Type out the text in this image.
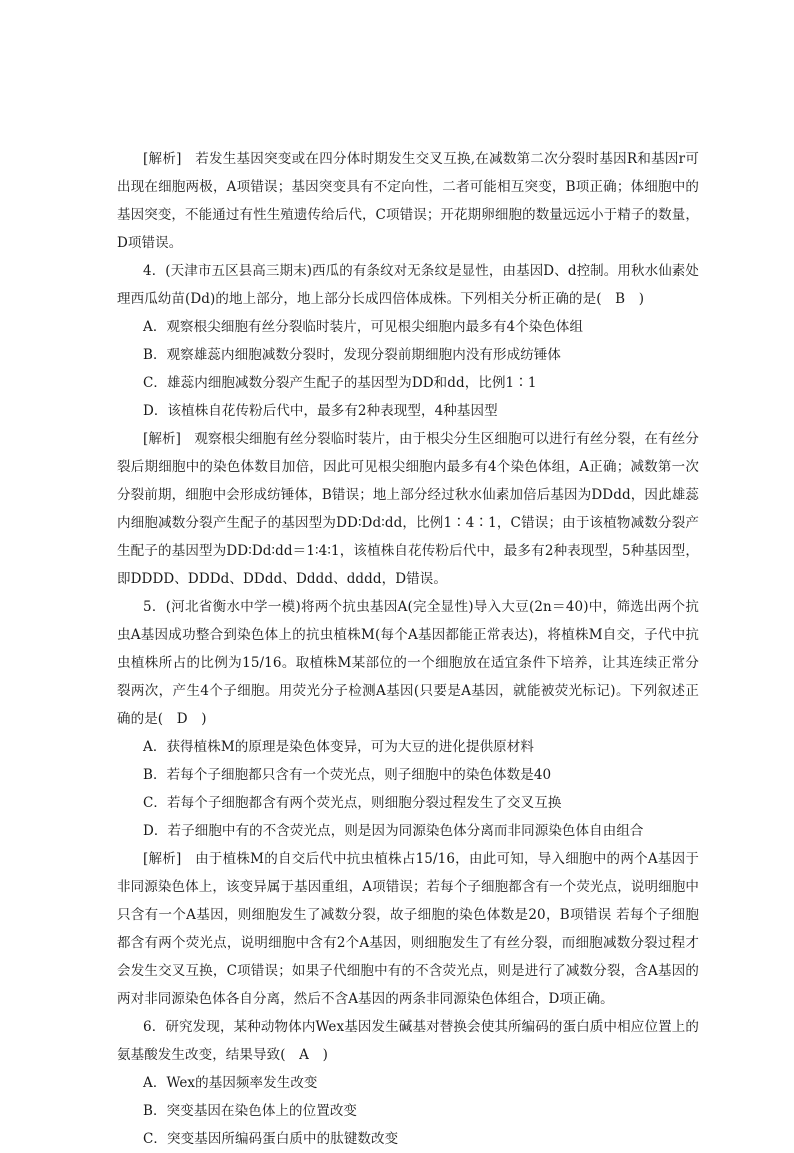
[解析] 若发生基因突变或在四分体时期发生交叉互换,在减数第二次分裂时基因R和基因r可出现在细胞两极，A项错误；基因突变具有不定向性，二者可能相互突变，B项正确；体细胞中的基因突变，不能通过有性生殖遗传给后代，C项错误；开花期卵细胞的数量远远小于精子的数量，D项错误。

4．(天津市五区县高三期末)西瓜的有条纹对无条纹是显性，由基因D、d控制。用秋水仙素处理西瓜幼苗(Dd)的地上部分，地上部分长成四倍体成株。下列相关分析正确的是(　B　)

A．观察根尖细胞有丝分裂临时装片，可见根尖细胞内最多有4个染色体组

B．观察雄蕊内细胞减数分裂时，发现分裂前期细胞内没有形成纺锤体

C．雄蕊内细胞减数分裂产生配子的基因型为DD和dd，比例1∶1

D．该植株自花传粉后代中，最多有2种表现型，4种基因型

[解析] 观察根尖细胞有丝分裂临时装片，由于根尖分生区细胞可以进行有丝分裂，在有丝分裂后期细胞中的染色体数目加倍，因此可见根尖细胞内最多有4个染色体组，A正确；减数第一次分裂前期，细胞中会形成纺锤体，B错误；地上部分经过秋水仙素加倍后基因为DDdd，因此雄蕊内细胞减数分裂产生配子的基因型为DD∶Dd∶dd，比例1∶4∶1，C错误；由于该植物减数分裂产生配子的基因型为DD∶Dd∶dd＝1∶4∶1，该植株自花传粉后代中，最多有2种表现型，5种基因型，即DDDD、DDDd、DDdd、Dddd、dddd，D错误。

5．(河北省衡水中学一模)将两个抗虫基因A(完全显性)导入大豆(2n＝40)中，筛选出两个抗虫A基因成功整合到染色体上的抗虫植株M(每个A基因都能正常表达)，将植株M自交，子代中抗虫植株所占的比例为15/16。取植株M某部位的一个细胞放在适宜条件下培养，让其连续正常分裂两次，产生4个子细胞。用荧光分子检测A基因(只要是A基因，就能被荧光标记)。下列叙述正确的是(　D　)

A．获得植株M的原理是染色体变异，可为大豆的进化提供原材料

B．若每个子细胞都只含有一个荧光点，则子细胞中的染色体数是40

C．若每个子细胞都含有两个荧光点，则细胞分裂过程发生了交叉互换

D．若子细胞中有的不含荧光点，则是因为同源染色体分离而非同源染色体自由组合

[解析] 由于植株M的自交后代中抗虫植株占15/16，由此可知，导入细胞中的两个A基因于非同源染色体上，该变异属于基因重组，A项错误；若每个子细胞都含有一个荧光点，说明细胞中只含有一个A基因，则细胞发生了减数分裂，故子细胞的染色体数是20，B项错误 若每个子细胞都含有两个荧光点，说明细胞中含有2个A基因，则细胞发生了有丝分裂，而细胞减数分裂过程才会发生交叉互换，C项错误；如果子代细胞中有的不含荧光点，则是进行了减数分裂，含A基因的两对非同源染色体各自分离，然后不含A基因的两条非同源染色体组合，D项正确。

6．研究发现，某种动物体内Wex基因发生碱基对替换会使其所编码的蛋白质中相应位置上的氨基酸发生改变，结果导致(　A　)

A．Wex的基因频率发生改变

B．突变基因在染色体上的位置改变

C．突变基因所编码蛋白质中的肽键数改变
